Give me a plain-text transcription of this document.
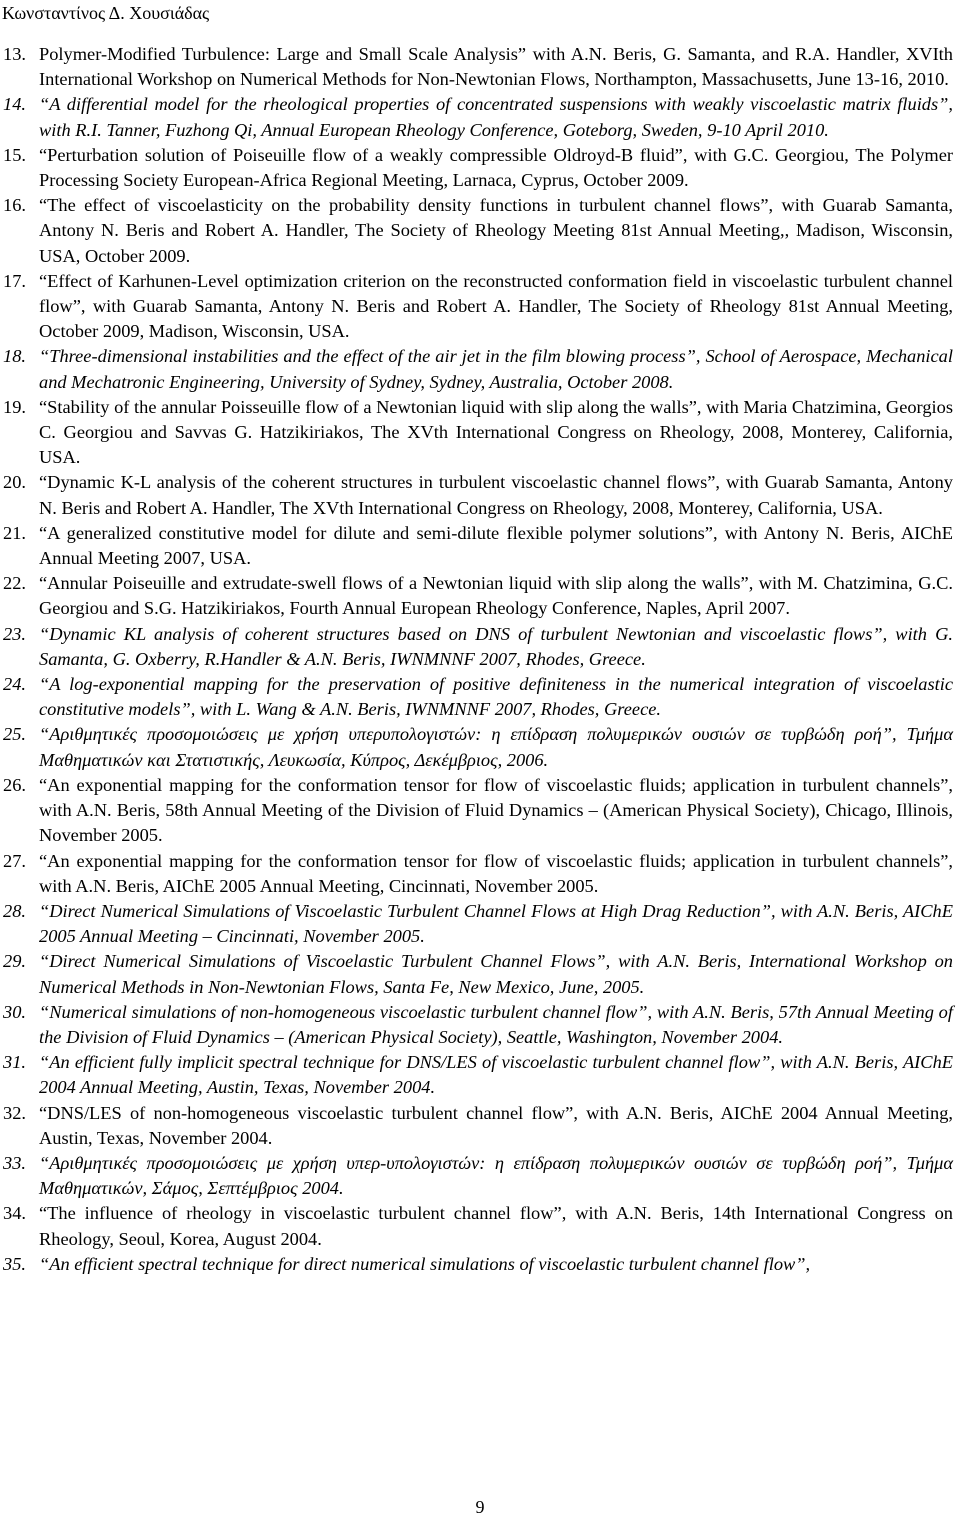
Κωνσταντίνος Δ. Χουσιάδας
13. Polymer-Modified Turbulence: Large and Small Scale Analysis” with A.N. Beris, G. Samanta, and R.A. Handler, XVIth International Workshop on Numerical Methods for Non-Newtonian Flows, Northampton, Massachusetts, June 13-16, 2010.
14. “A differential model for the rheological properties of concentrated suspensions with weakly viscoelastic matrix fluids”, with R.I. Tanner, Fuzhong Qi, Annual European Rheology Conference, Goteborg, Sweden, 9-10 April 2010.
15. “Perturbation solution of Poiseuille flow of a weakly compressible Oldroyd-B fluid”, with G.C. Georgiou, The Polymer Processing Society European-Africa Regional Meeting, Larnaca, Cyprus, October 2009.
16. “The effect of viscoelasticity on the probability density functions in turbulent channel flows”, with Guarab Samanta, Antony N. Beris and Robert A. Handler, The Society of Rheology Meeting 81st Annual Meeting,, Madison, Wisconsin, USA, October 2009.
17. “Effect of Karhunen-Level optimization criterion on the reconstructed conformation field in viscoelastic turbulent channel flow”, with Guarab Samanta, Antony N. Beris and Robert A. Handler, The Society of Rheology 81st Annual Meeting, October 2009, Madison, Wisconsin, USA.
18. “Three-dimensional instabilities and the effect of the air jet in the film blowing process”, School of Aerospace, Mechanical and Mechatronic Engineering, University of Sydney, Sydney, Australia, October 2008.
19. “Stability of the annular Poisseuille flow of a Newtonian liquid with slip along the walls”, with Maria Chatzimina, Georgios C. Georgiou and Savvas G. Hatzikiriakos, The XVth International Congress on Rheology, 2008, Monterey, California, USA.
20. “Dynamic K-L analysis of the coherent structures in turbulent viscoelastic channel flows”, with Guarab Samanta, Antony N. Beris and Robert A. Handler, The XVth International Congress on Rheology, 2008, Monterey, California, USA.
21. “A generalized constitutive model for dilute and semi-dilute flexible polymer solutions”, with Antony N. Beris, AIChE Annual Meeting 2007, USA.
22. “Annular Poiseuille and extrudate-swell flows of a Newtonian liquid with slip along the walls”, with M. Chatzimina, G.C. Georgiou and S.G. Hatzikiriakos, Fourth Annual European Rheology Conference, Naples, April 2007.
23. “Dynamic KL analysis of coherent structures based on DNS of turbulent Newtonian and viscoelastic flows”, with G. Samanta, G. Oxberry, R.Handler & A.N. Beris, IWNMNNF 2007, Rhodes, Greece.
24. “A log-exponential mapping for the preservation of positive definiteness in the numerical integration of viscoelastic constitutive models”, with L. Wang & A.N. Beris, IWNMNNF 2007, Rhodes, Greece.
25. “Αριθμητικές προσομοιώσεις με χρήση υπερυπολογιστών: η επίδραση πολυμερικών ουσιών σε τυρβώδη ροή”, Τμήμα Μαθηματικών και Στατιστικής, Λευκωσία, Κύπρος, Δεκέμβριος, 2006.
26. “An exponential mapping for the conformation tensor for flow of viscoelastic fluids; application in turbulent channels”, with A.N. Beris, 58th Annual Meeting of the Division of Fluid Dynamics – (American Physical Society), Chicago, Illinois, November 2005.
27. “An exponential mapping for the conformation tensor for flow of viscoelastic fluids; application in turbulent channels”, with A.N. Beris, AIChE 2005 Annual Meeting, Cincinnati, November 2005.
28. “Direct Numerical Simulations of Viscoelastic Turbulent Channel Flows at High Drag Reduction”, with A.N. Beris, AIChE 2005 Annual Meeting – Cincinnati, November 2005.
29. “Direct Numerical Simulations of Viscoelastic Turbulent Channel Flows”, with A.N. Beris, International Workshop on Numerical Methods in Non-Newtonian Flows, Santa Fe, New Mexico, June, 2005.
30. “Numerical simulations of non-homogeneous viscoelastic turbulent channel flow”, with A.N. Beris, 57th Annual Meeting of the Division of Fluid Dynamics – (American Physical Society), Seattle, Washington, November 2004.
31. “An efficient fully implicit spectral technique for DNS/LES of viscoelastic turbulent channel flow”, with A.N. Beris, AIChE 2004 Annual Meeting, Austin, Texas, November 2004.
32. “DNS/LES of non-homogeneous viscoelastic turbulent channel flow”, with A.N. Beris, AIChE 2004 Annual Meeting, Austin, Texas, November 2004.
33. “Αριθμητικές προσομοιώσεις με χρήση υπερ-υπολογιστών: η επίδραση πολυμερικών ουσιών σε τυρβώδη ροή”, Τμήμα Μαθηματικών, Σάμος, Σεπτέμβριος 2004.
34. “The influence of rheology in viscoelastic turbulent channel flow”, with A.N. Beris, 14th International Congress on Rheology, Seoul, Korea, August 2004.
35. “An efficient spectral technique for direct numerical simulations of viscoelastic turbulent channel flow”,
9
